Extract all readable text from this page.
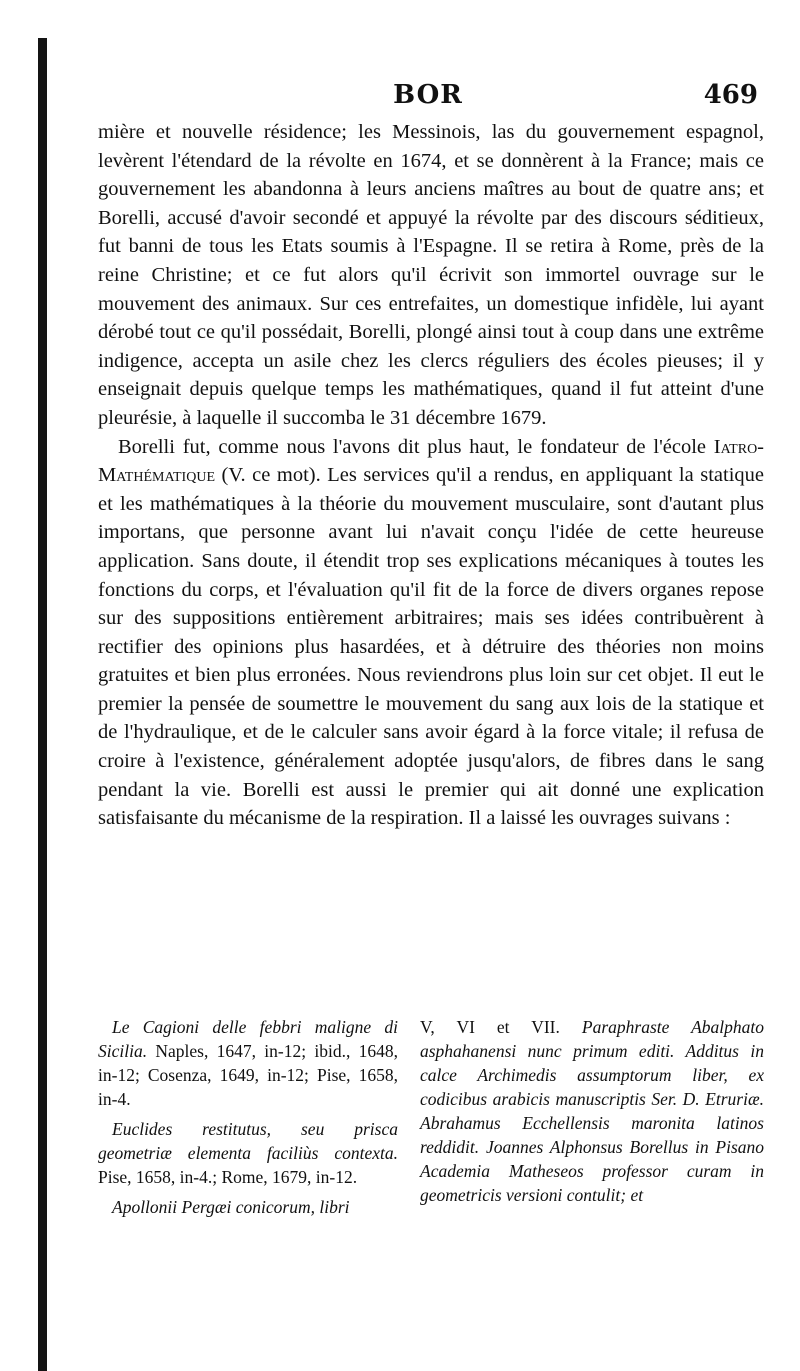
BOR	469

mière et nouvelle résidence; les Messinois, las du gouvernement espagnol, levèrent l'étendard de la révolte en 1674, et se donnèrent à la France; mais ce gouvernement les abandonna à leurs anciens maîtres au bout de quatre ans; et Borelli, accusé d'avoir secondé et appuyé la révolte par des discours séditieux, fut banni de tous les Etats soumis à l'Espagne. Il se retira à Rome, près de la reine Christine; et ce fut alors qu'il écrivit son immortel ouvrage sur le mouvement des animaux. Sur ces entrefaites, un domestique infidèle, lui ayant dérobé tout ce qu'il possédait, Borelli, plongé ainsi tout à coup dans une extrême indigence, accepta un asile chez les clercs réguliers des écoles pieuses; il y enseignait depuis quelque temps les mathématiques, quand il fut atteint d'une pleurésie, à laquelle il succomba le 31 décembre 1679.

Borelli fut, comme nous l'avons dit plus haut, le fondateur de l'école Iatro-Mathématique (V. ce mot). Les services qu'il a rendus, en appliquant la statique et les mathématiques à la théorie du mouvement musculaire, sont d'autant plus importans, que personne avant lui n'avait conçu l'idée de cette heureuse application. Sans doute, il étendit trop ses explications mécaniques à toutes les fonctions du corps, et l'évaluation qu'il fit de la force de divers organes repose sur des suppositions entièrement arbitraires; mais ses idées contribuèrent à rectifier des opinions plus hasardées, et à détruire des théories non moins gratuites et bien plus erronées. Nous reviendrons plus loin sur cet objet. Il eut le premier la pensée de soumettre le mouvement du sang aux lois de la statique et de l'hydraulique, et de le calculer sans avoir égard à la force vitale; il refusa de croire à l'existence, généralement adoptée jusqu'alors, de fibres dans le sang pendant la vie. Borelli est aussi le premier qui ait donné une explication satisfaisante du mécanisme de la respiration. Il a laissé les ouvrages suivans :

Le Cagioni delle febbri maligne di Sicilia. Naples, 1647, in-12; ibid., 1648, in-12; Cosenza, 1649, in-12; Pise, 1658, in-4.

Euclides restitutus, seu prisca geometriæ elementa faciliùs contexta. Pise, 1658, in-4.; Rome, 1679, in-12.

Apollonii Pergæi conicorum, libri

V, VI et VII. Paraphraste Abalphato asphahanensi nunc primum editi. Additus in calce Archimedis assumptorum liber, ex codicibus arabicis manuscriptis Ser. D. Etruriæ. Abrahamus Ecchellensis maronita latinos reddidit. Joannes Alphonsus Borellus in Pisano Academia Matheseos professor curam in geometricis versioni contulit; et
